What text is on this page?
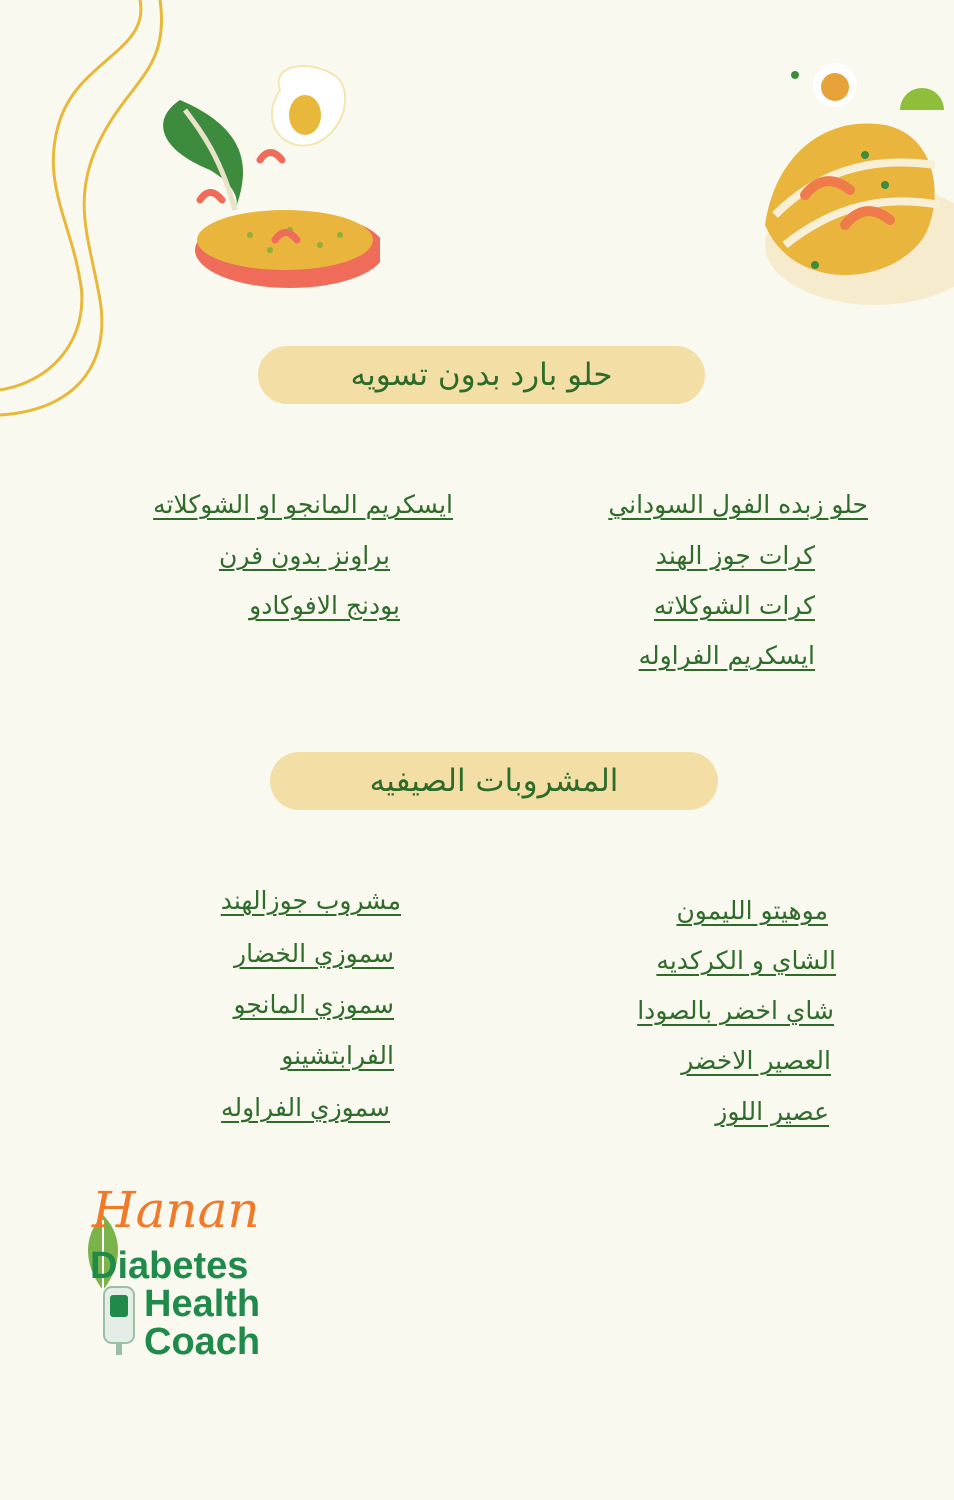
حلو بارد بدون تسويه
حلو زبده الفول السوداني
كرات جوز الهند
كرات الشوكلاته
ايسكريم الفراوله
ايسكريم المانجو او الشوكلاته
براونز بدون فرن
بودنج الافوكادو
المشروبات الصيفيه
موهيتو الليمون
الشاي و الكركديه
شاي اخضر بالصودا
العصير الاخضر
عصير اللوز
مشروب جوزالهند
سموزي الخضار
سموزي المانجو
الفرابتشينو
سموزي الفراوله
Hanan
Diabetes
Health
Coach
